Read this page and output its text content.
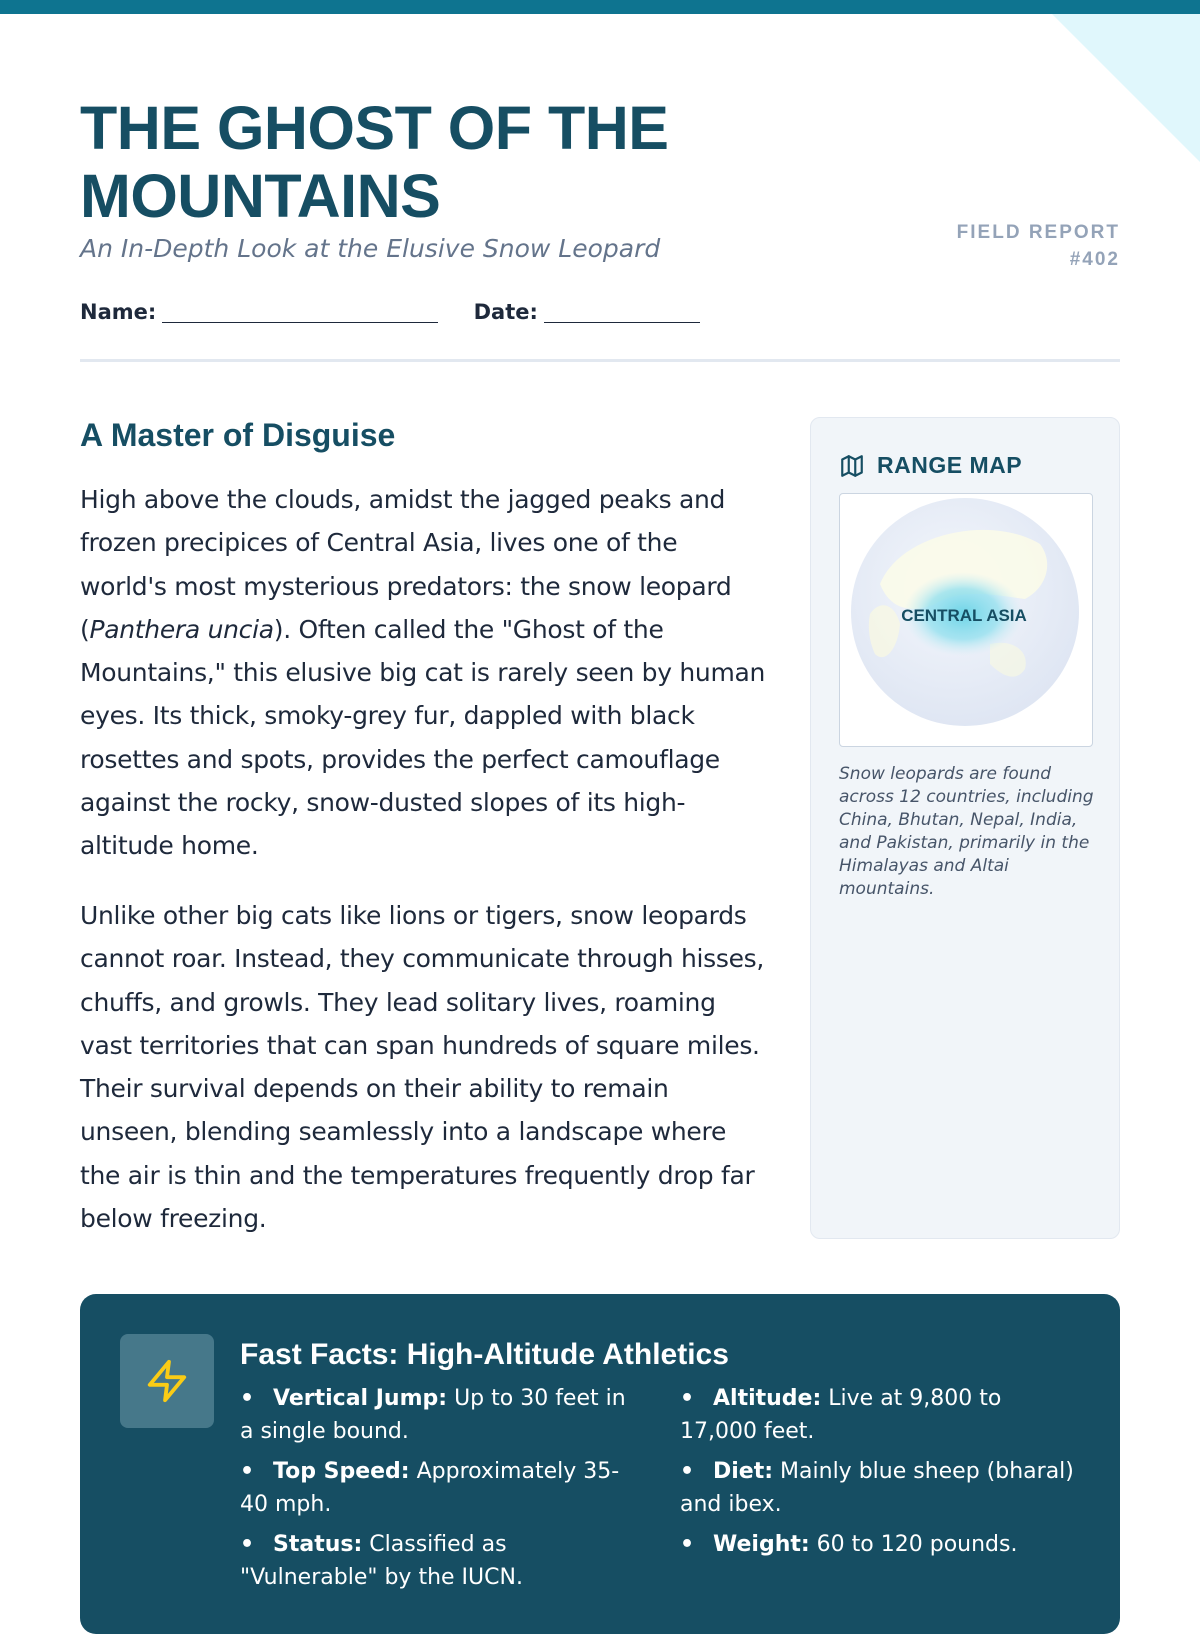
THE GHOST OF THE MOUNTAINS

An In-Depth Look at the Elusive Snow Leopard

FIELD REPORT
#402
Name:	Date:
A Master of Disguise

High above the clouds, amidst the jagged peaks and frozen precipices of Central Asia, lives one of the world's most mysterious predators: the snow leopard (Panthera uncia). Often called the "Ghost of the Mountains," this elusive big cat is rarely seen by human eyes. Its thick, smoky-grey fur, dappled with black rosettes and spots, provides the perfect camouflage against the rocky, snow-dusted slopes of its high-altitude home.

Unlike other big cats like lions or tigers, snow leopards cannot roar. Instead, they communicate through hisses, chuffs, and growls. They lead solitary lives, roaming vast territories that can span hundreds of square miles. Their survival depends on their ability to remain unseen, blending seamlessly into a landscape where the air is thin and the temperatures frequently drop far below freezing.

RANGE MAP
CENTRAL ASIA

Snow leopards are found across 12 countries, including China, Bhutan, Nepal, India, and Pakistan, primarily in the Himalayas and Altai mountains.

Fast Facts: High-Altitude Athletics
• Vertical Jump: Up to 30 feet in a single bound.
• Top Speed: Approximately 35-40 mph.
• Status: Classified as "Vulnerable" by the IUCN.
• Altitude: Live at 9,800 to 17,000 feet.
• Diet: Mainly blue sheep (bharal) and ibex.
• Weight: 60 to 120 pounds.
